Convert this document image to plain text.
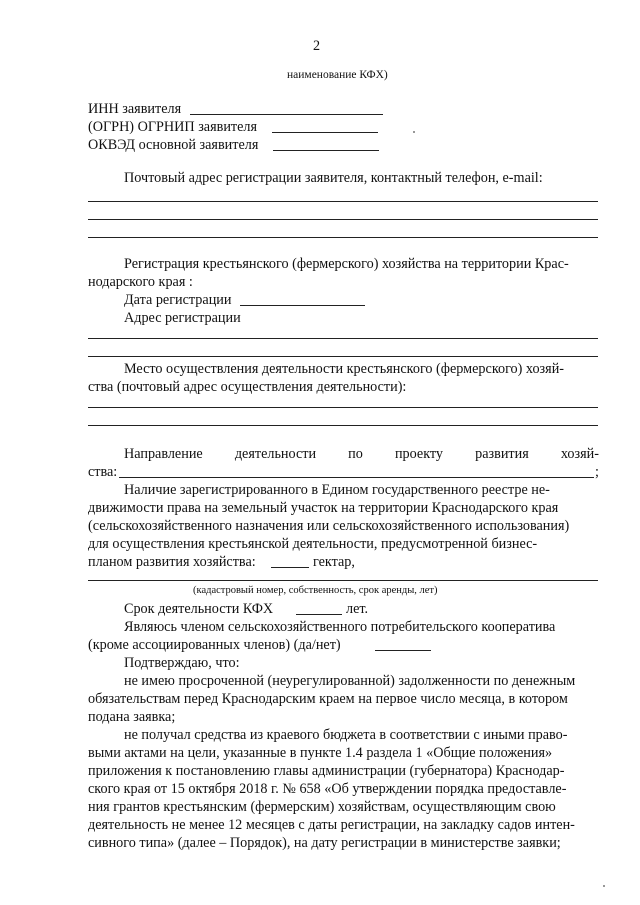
2
наименование КФХ)
ИНН заявителя
(ОГРН) ОГРНИП заявителя
ОКВЭД основной заявителя
Почтовый адрес регистрации заявителя, контактный телефон, e-mail:
Регистрация крестьянского (фермерского) хозяйства на территории Крас-
нодарского края :
Дата регистрации
Адрес регистрации
Место осуществления деятельности крестьянского (фермерского) хозяй-
ства (почтовый адрес осуществления деятельности):
Направление деятельности по проекту развития хозяй-
ства:	;
Наличие зарегистрированного в Едином государственного реестре не-
движимости права на земельный участок на территории Краснодарского края
(сельскохозяйственного назначения или сельскохозяйственного использования)
для осуществления крестьянской деятельности, предусмотренной бизнес-
планом развития хозяйства:	гектар,
(кадастровый номер, собственность, срок аренды, лет)
Срок деятельности КФХ	лет.
Являюсь членом сельскохозяйственного потребительского кооператива
(кроме ассоциированных членов) (да/нет)
Подтверждаю, что:
не имею просроченной (неурегулированной) задолженности по денежным
обязательствам перед Краснодарским краем на первое число месяца, в котором
подана заявка;
не получал средства из краевого бюджета в соответствии с иными право-
выми актами на цели, указанные в пункте 1.4 раздела 1 «Общие положения»
приложения к постановлению главы администрации (губернатора) Краснодар-
ского края от 15 октября 2018 г. № 658 «Об утверждении порядка предоставле-
ния грантов крестьянским (фермерским) хозяйствам, осуществляющим свою
деятельность не менее 12 месяцев с даты регистрации, на закладку садов интен-
сивного типа» (далее – Порядок), на дату регистрации в министерстве заявки;
